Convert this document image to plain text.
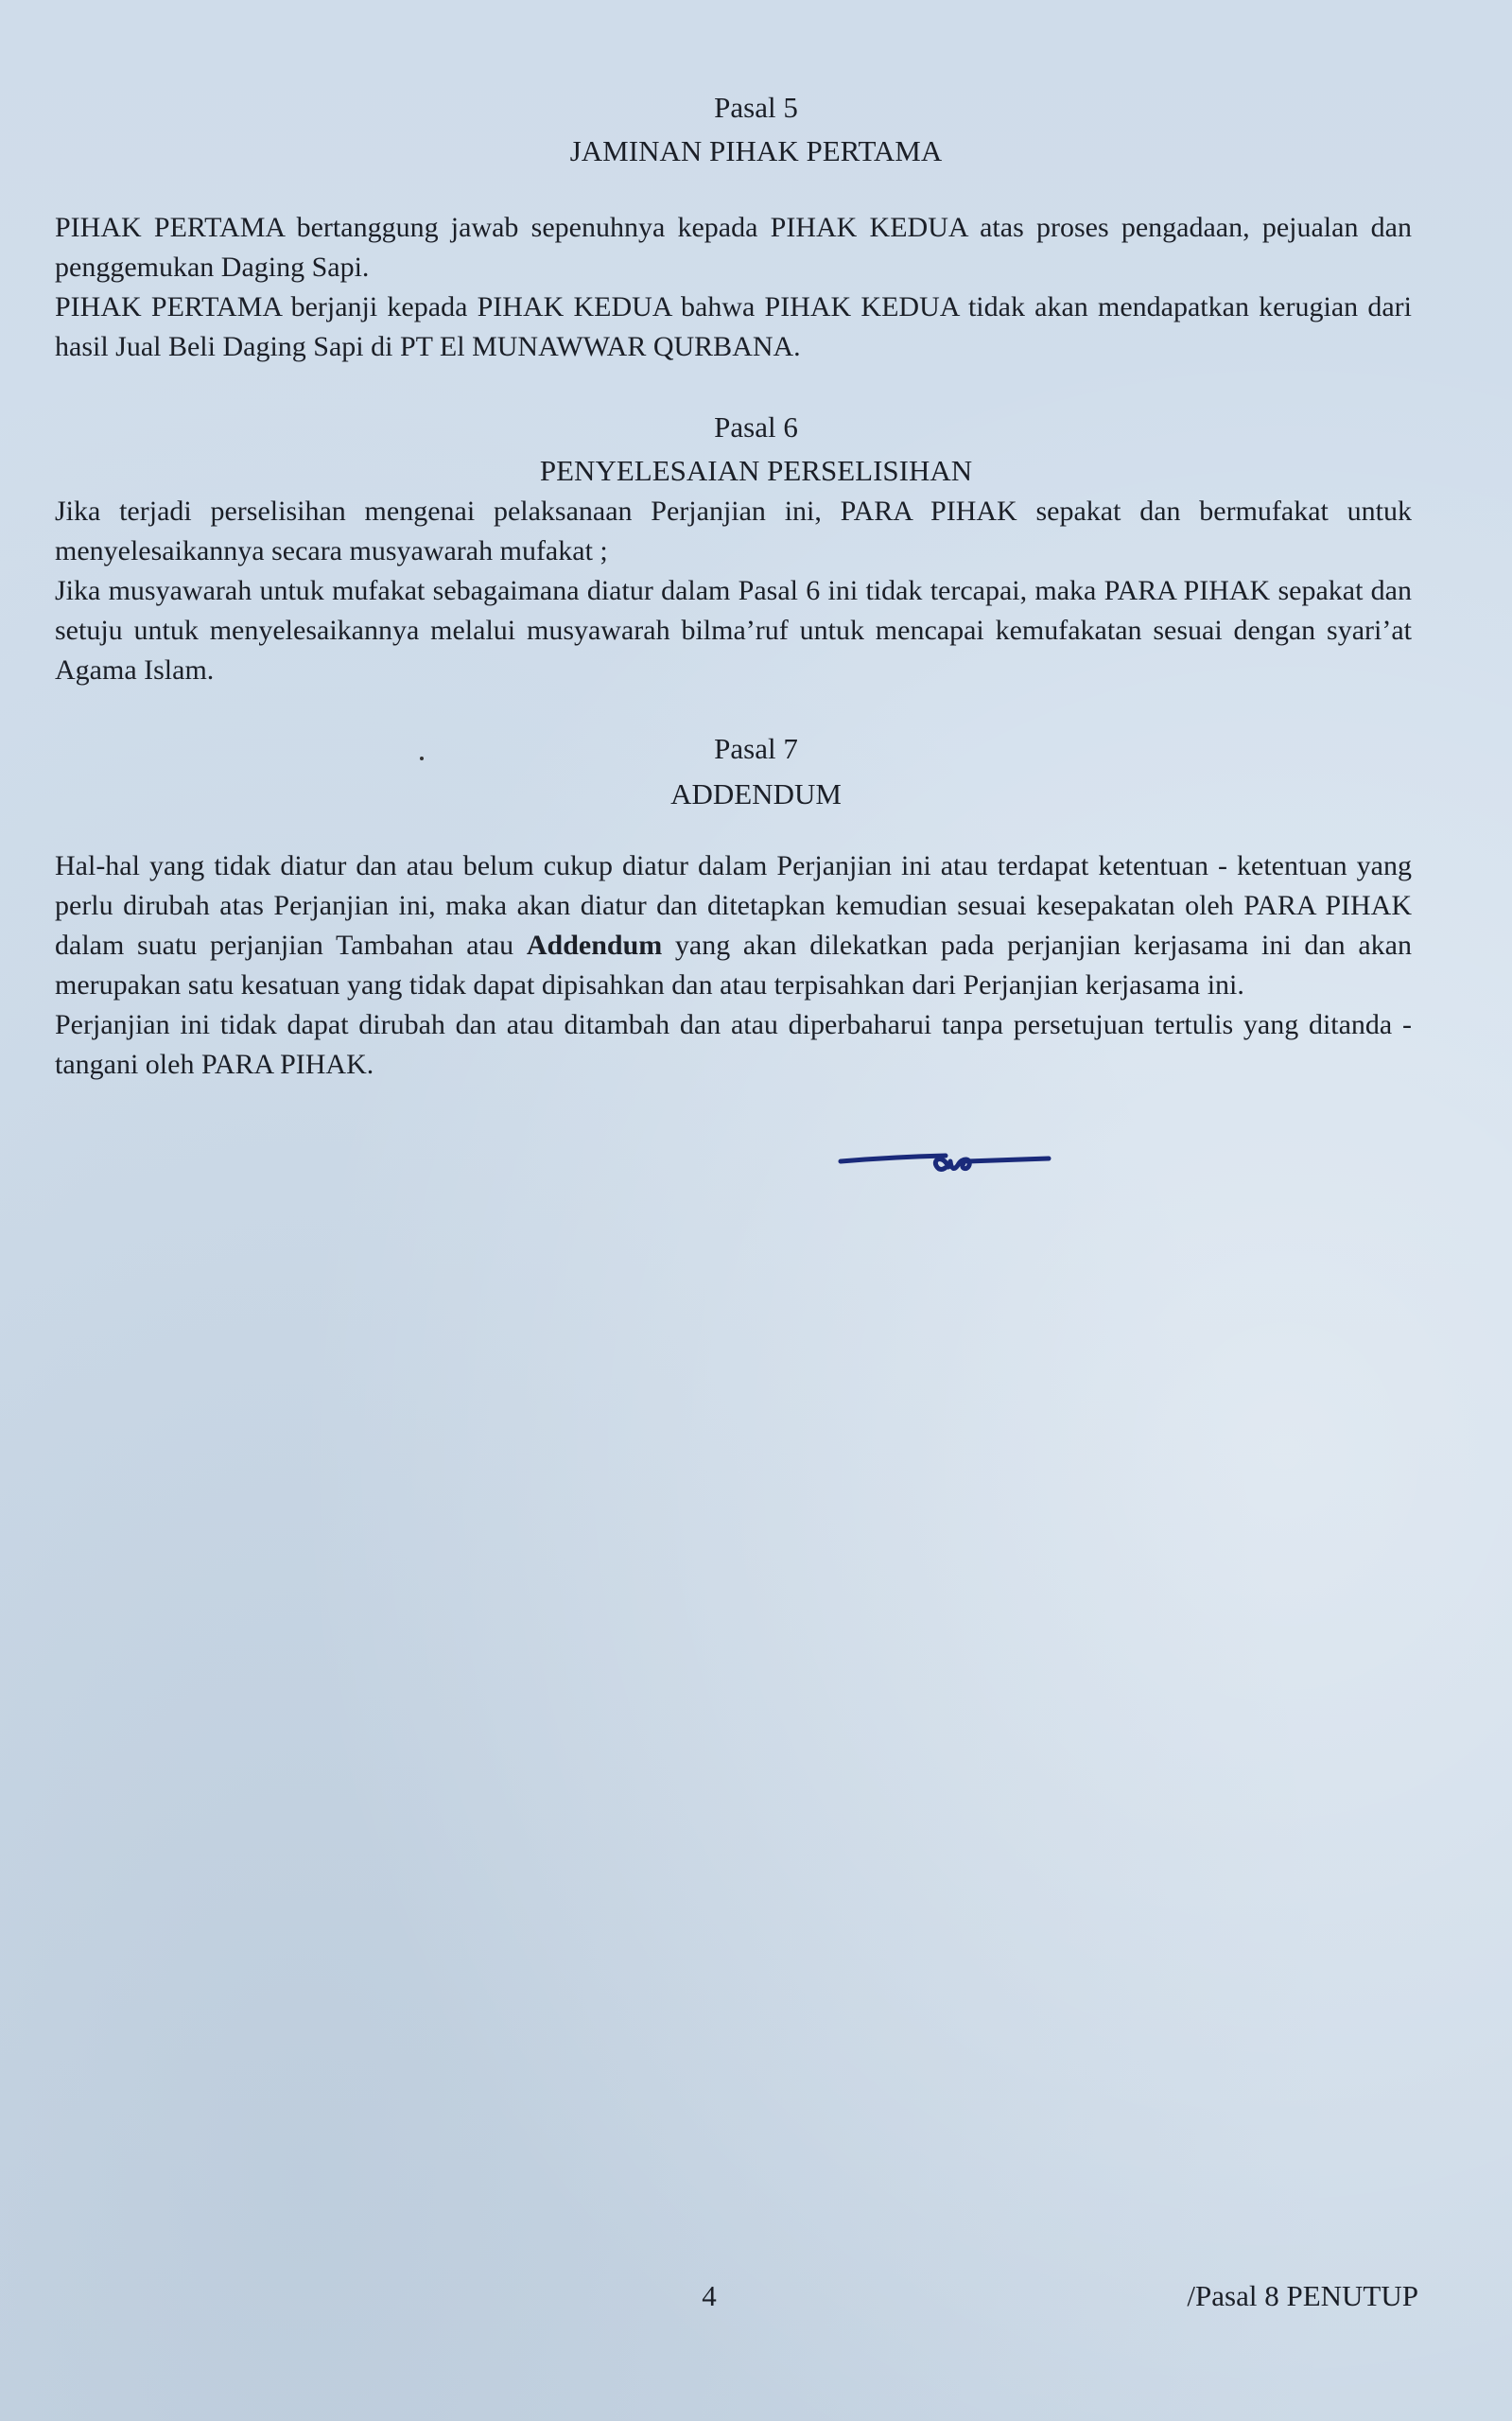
Pasal 5
JAMINAN PIHAK PERTAMA

PIHAK PERTAMA bertanggung jawab sepenuhnya kepada PIHAK KEDUA atas proses pengadaan, pejualan dan penggemukan Daging Sapi.

PIHAK PERTAMA berjanji kepada PIHAK KEDUA bahwa PIHAK KEDUA tidak akan mendapatkan kerugian dari hasil Jual Beli Daging Sapi di PT El MUNAWWAR QURBANA.

Pasal 6
PENYELESAIAN PERSELISIHAN

Jika terjadi perselisihan mengenai pelaksanaan Perjanjian ini, PARA PIHAK sepakat dan bermufakat untuk menyelesaikannya secara musyawarah mufakat ;

Jika musyawarah untuk mufakat sebagaimana diatur dalam Pasal 6 ini tidak tercapai, maka PARA PIHAK sepakat dan setuju untuk menyelesaikannya melalui musyawarah bilma’ruf untuk mencapai kemufakatan sesuai dengan syari’at Agama Islam.

Pasal 7
ADDENDUM

Hal-hal yang tidak diatur dan atau belum cukup diatur dalam Perjanjian ini atau terdapat ketentuan - ketentuan yang perlu dirubah atas Perjanjian ini, maka akan diatur dan ditetapkan kemudian sesuai kesepakatan oleh PARA PIHAK dalam suatu perjanjian Tambahan atau Addendum yang akan dilekatkan pada perjanjian kerjasama ini dan akan merupakan satu kesatuan yang tidak dapat dipisahkan dan atau terpisahkan dari Perjanjian kerjasama ini.

Perjanjian ini tidak dapat dirubah dan atau ditambah dan atau diperbaharui tanpa persetujuan tertulis yang ditanda - tangani oleh PARA PIHAK.

4	/Pasal 8 PENUTUP
